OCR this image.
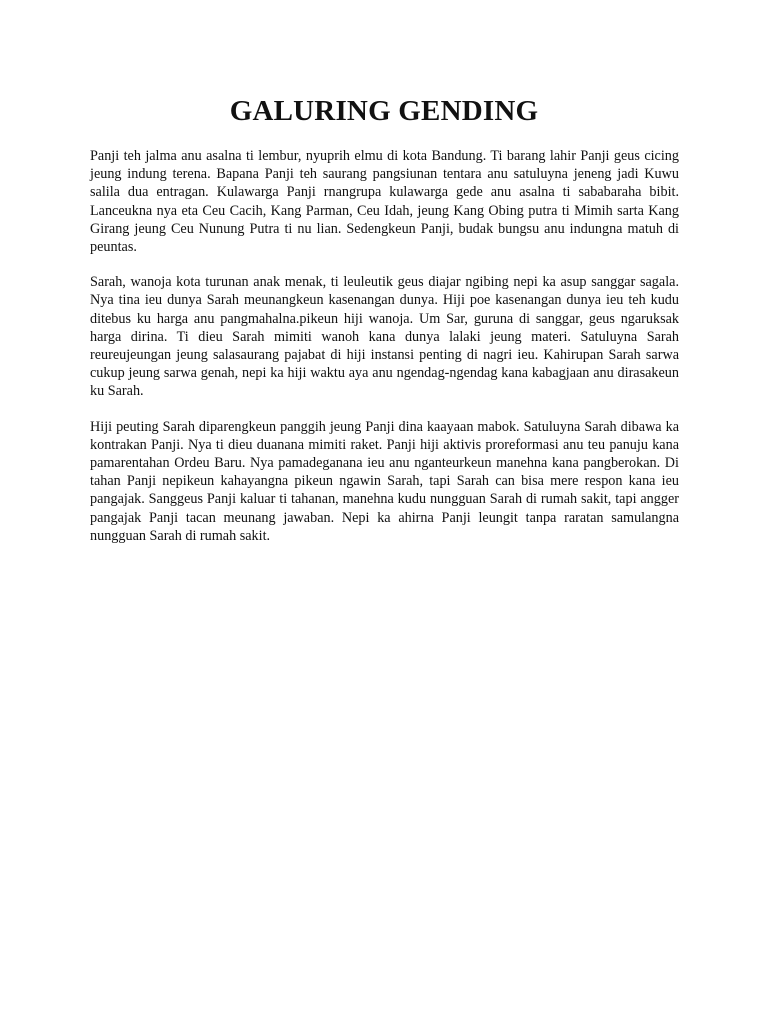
GALURING GENDING

Panji teh jalma anu asalna ti lembur, nyuprih elmu di kota Bandung. Ti barang lahir Panji geus cicing jeung indung terena. Bapana Panji teh saurang pangsiunan tentara anu satuluyna jeneng jadi Kuwu salila dua entragan. Kulawarga Panji rnangrupa kulawarga gede anu asalna ti sababaraha bibit. Lanceukna nya eta Ceu Cacih, Kang Parman, Ceu Idah, jeung Kang Obing putra ti Mimih sarta Kang Girang jeung Ceu Nunung Putra ti nu lian. Sedengkeun Panji, budak bungsu anu indungna matuh di peuntas.

Sarah, wanoja kota turunan anak menak, ti leuleutik geus diajar ngibing nepi ka asup sanggar sagala. Nya tina ieu dunya Sarah meunangkeun kasenangan dunya. Hiji poe kasenangan dunya ieu teh kudu ditebus ku harga anu pangmahalna.pikeun hiji wanoja. Um Sar, guruna di sanggar, geus ngaruksak harga dirina. Ti dieu Sarah mimiti wanoh kana dunya lalaki jeung materi. Satuluyna Sarah reureujeungan jeung salasaurang pajabat di hiji instansi penting di nagri ieu. Kahirupan Sarah sarwa cukup jeung sarwa genah, nepi ka hiji waktu aya anu ngendag-ngendag kana kabagjaan anu dirasakeun ku Sarah.

Hiji peuting Sarah diparengkeun panggih jeung Panji dina kaayaan mabok. Satuluyna Sarah dibawa ka kontrakan Panji. Nya ti dieu duanana mimiti raket. Panji hiji aktivis proreformasi anu teu panuju kana pamarentahan Ordeu Baru. Nya pamadeganana ieu anu nganteurkeun manehna kana pangberokan. Di tahan Panji nepikeun kahayangna pikeun ngawin Sarah, tapi Sarah can bisa mere respon kana ieu pangajak. Sanggeus Panji kaluar ti tahanan, manehna kudu nungguan Sarah di rumah sakit, tapi angger pangajak Panji tacan meunang jawaban. Nepi ka ahirna Panji leungit tanpa raratan samulangna nungguan Sarah di rumah sakit.
